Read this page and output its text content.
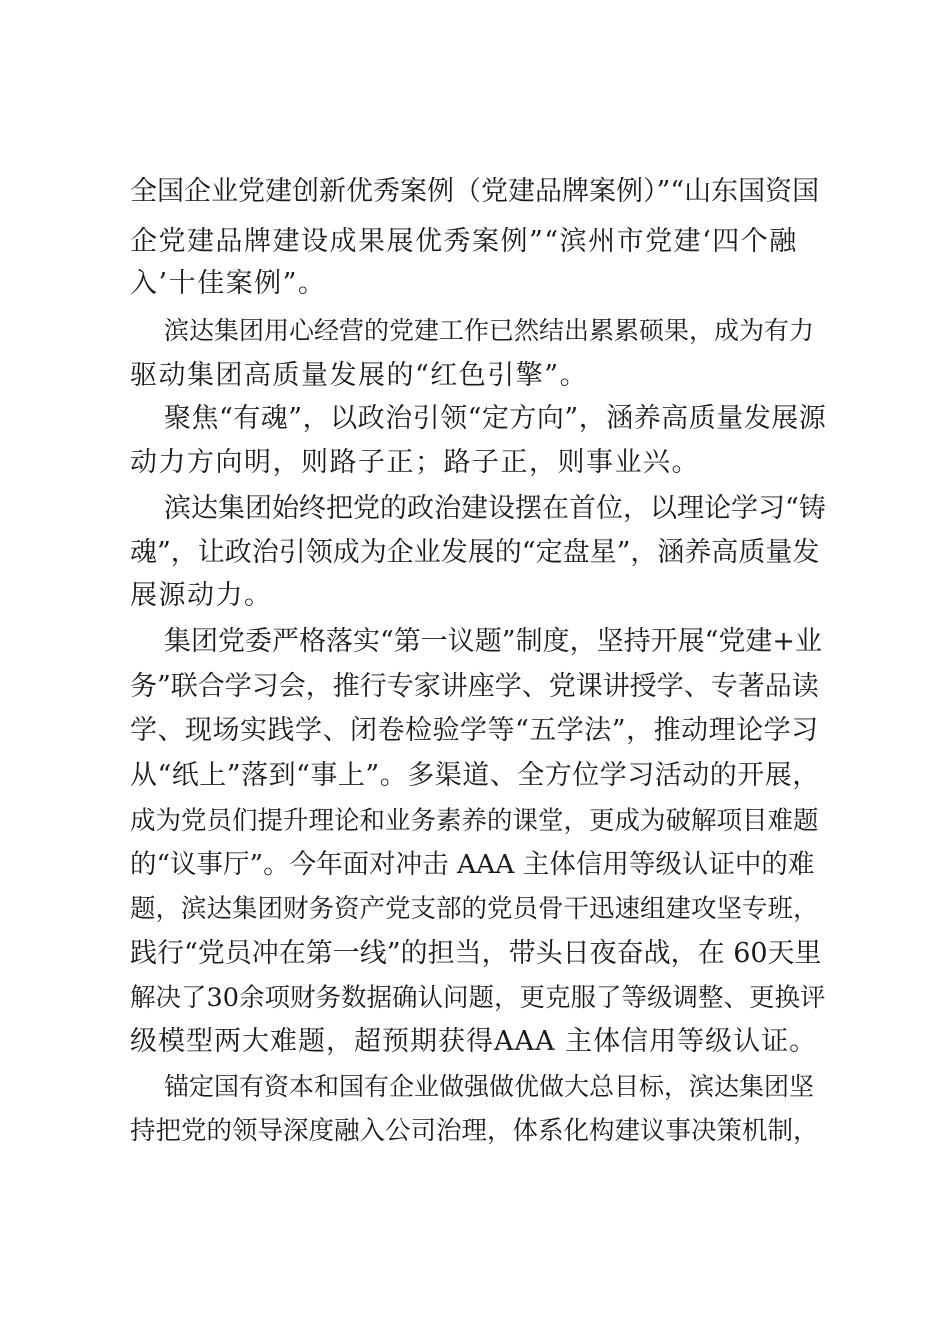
全国企业党建创新优秀案例（党建品牌案例）”“山东国资国
企党建品牌建设成果展优秀案例”“滨州市党建‘四个融
入’十佳案例”。
滨达集团用心经营的党建工作已然结出累累硕果，成为有力
驱动集团高质量发展的“红色引擎”。
聚焦“有魂”，以政治引领“定方向”，涵养高质量发展源
动力方向明，则路子正；路子正，则事业兴。
滨达集团始终把党的政治建设摆在首位，以理论学习“铸
魂”，让政治引领成为企业发展的“定盘星”，涵养高质量发
展源动力。
集团党委严格落实“第一议题”制度，坚持开展“党建+业
务”联合学习会，推行专家讲座学、党课讲授学、专著品读
学、现场实践学、闭卷检验学等“五学法”，推动理论学习
从“纸上”落到“事上”。多渠道、全方位学习活动的开展，
成为党员们提升理论和业务素养的课堂，更成为破解项目难题
的“议事厅”。今年面对冲击 AAA 主体信用等级认证中的难
题，滨达集团财务资产党支部的党员骨干迅速组建攻坚专班，
践行“党员冲在第一线”的担当，带头日夜奋战，在 60天里
解决了30余项财务数据确认问题，更克服了等级调整、更换评
级模型两大难题，超预期获得AAA 主体信用等级认证。
锚定国有资本和国有企业做强做优做大总目标，滨达集团坚
持把党的领导深度融入公司治理，体系化构建议事决策机制，
